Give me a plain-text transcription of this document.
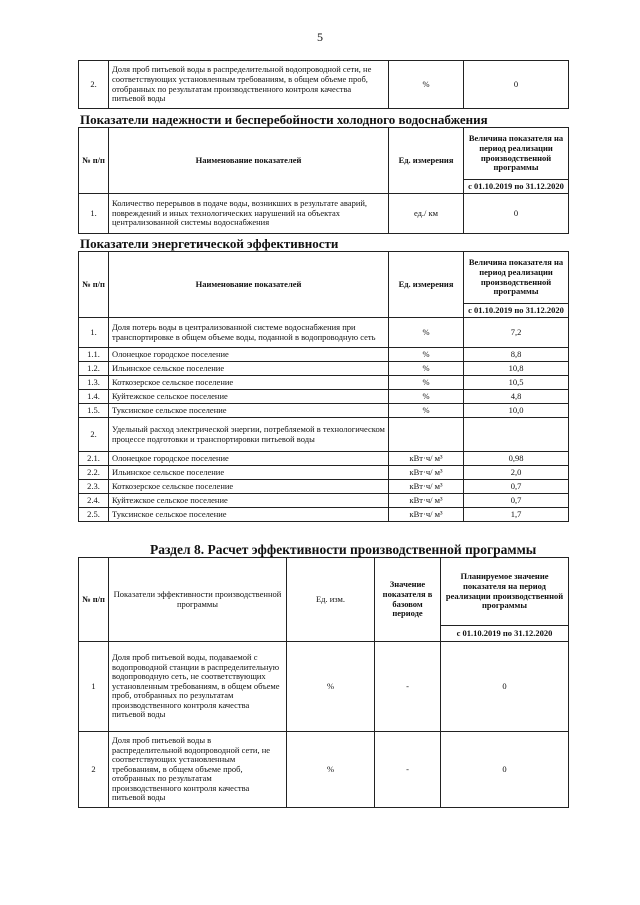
5
2.	Доля проб питьевой воды в распределительной водопроводной сети, не соответствующих установленным требованиям, в общем объеме проб, отобранных по результатам производственного контроля качества питьевой воды	%	0
Показатели надежности и бесперебойности холодного водоснабжения
№ п/п	Наименование показателей	Ед. измерения	Величина показателя на период реализации производственной программы
			с 01.10.2019 по 31.12.2020
1.	Количество перерывов в подаче воды, возникших в результате аварий, повреждений и иных технологических нарушений на объектах централизованной системы водоснабжения	ед./ км	0
Показатели энергетической эффективности
№ п/п	Наименование показателей	Ед. измерения	Величина показателя на период реализации производственной программы
			с 01.10.2019 по 31.12.2020
1.	Доля потерь воды в централизованной системе водоснабжения при транспортировке в общем объеме воды, поданной в водопроводную сеть	%	7,2
1.1.	Олонецкое городское поселение	%	8,8
1.2.	Ильинское сельское поселение	%	10,8
1.3.	Коткозерское сельское поселение	%	10,5
1.4.	Куйтежское сельское поселение	%	4,8
1.5.	Туксинское сельское поселение	%	10,0
2.	Удельный расход электрической энергии, потребляемой в технологическом процессе подготовки и транспортировки питьевой воды		
2.1.	Олонецкое городское поселение	кВт·ч/ м³	0,98
2.2.	Ильинское сельское поселение	кВт·ч/ м³	2,0
2.3.	Коткозерское сельское поселение	кВт·ч/ м³	0,7
2.4.	Куйтежское сельское поселение	кВт·ч/ м³	0,7
2.5.	Туксинское сельское поселение	кВт·ч/ м³	1,7
Раздел 8. Расчет эффективности производственной программы
№ п/п	Показатели эффективности производственной программы	Ед. изм.	Значение показателя в базовом периоде	Планируемое значение показателя на период реализации производственной программы
				с 01.10.2019 по 31.12.2020
1	Доля проб питьевой воды, подаваемой с водопроводной станции в распределительную водопроводную сеть, не соответствующих установленным требованиям, в общем объеме проб, отобранных по результатам производственного контроля качества питьевой воды	%	-	0
2	Доля проб питьевой воды в распределительной водопроводной сети, не соответствующих установленным требованиям, в общем объеме проб, отобранных по результатам производственного контроля качества питьевой воды	%	-	0
